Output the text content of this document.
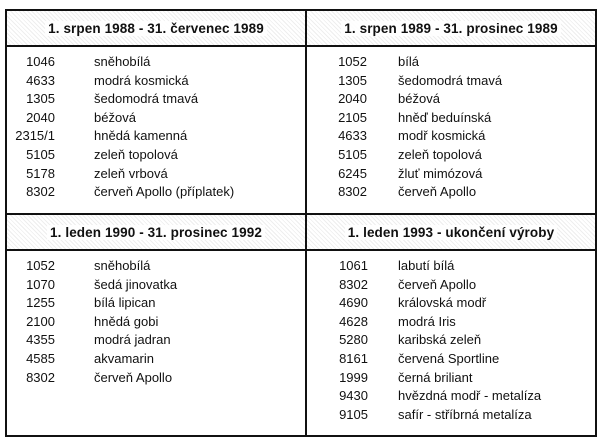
1. srpen 1988 - 31. červenec 1989
1046	sněhobílá
4633	modrá kosmická
1305	šedomodrá tmavá
2040	béžová
2315/1	hnědá kamenná
5105	zeleň topolová
5178	zeleň vrbová
8302	červeň Apollo (příplatek)
1. srpen 1989 - 31. prosinec 1989
1052 bílá
1305 šedomodrá tmavá
2040 béžová
2105 hněď beduínská
4633 modř kosmická
5105 zeleň topolová
6245 žluť mimózová
8302 červeň Apollo
1. leden 1990 - 31. prosinec 1992
1052	sněhobílá
1070	šedá jinovatka
1255	bílá lipican
2100	hnědá gobi
4355	modrá jadran
4585	akvamarin
8302	červeň Apollo
1. leden 1993 - ukončení výroby
1061 labutí bílá
8302 červeň Apollo
4690 královská modř
4628 modrá Iris
5280 karibská zeleň
8161 červená Sportline
1999 černá briliant
9430 hvězdná modř - metalíza
9105 safír - stříbrná metalíza
